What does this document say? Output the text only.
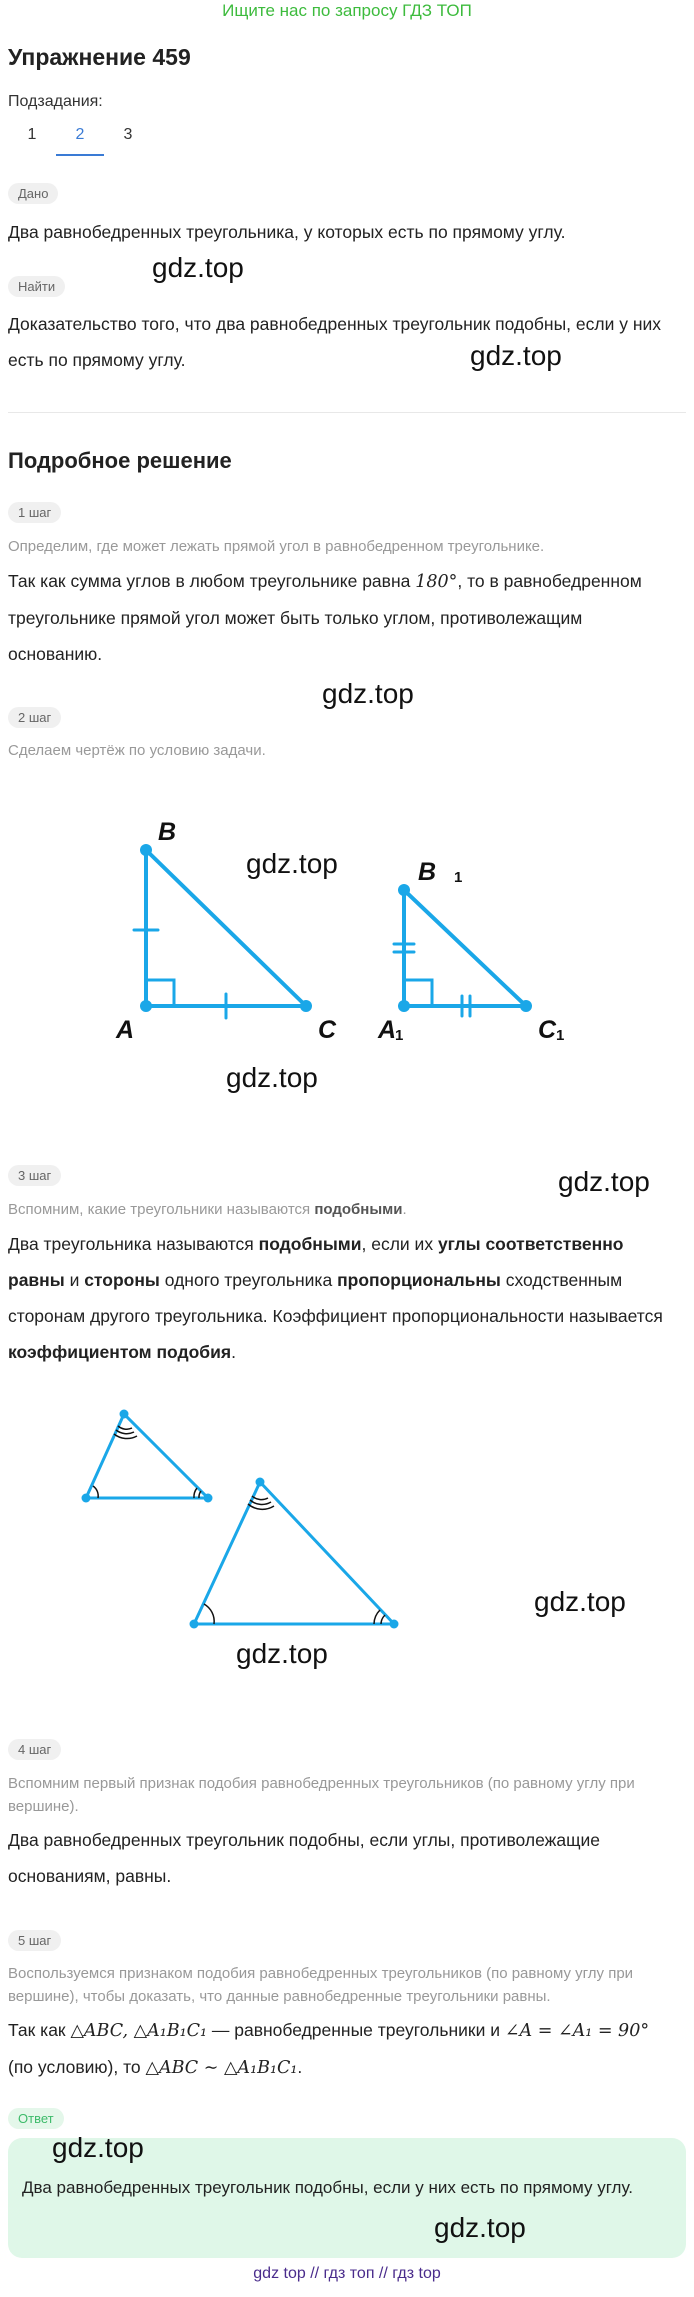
Ищите нас по запросу ГДЗ ТОП
Упражнение 459
Подзадания:
1	2	3
Дано
Два равнобедренных треугольника, у которых есть по прямому углу.
Найти
gdz.top
Доказательство того, что два равнобедренных треугольник подобны, если у них есть по прямому углу.	gdz.top
Подробное решение
1 шаг
Определим, где может лежать прямой угол в равнобедренном треугольнике.
Так как сумма углов в любом треугольнике равна 180°, то в равнобедренном треугольнике прямой угол может быть только углом, противолежащим основанию.
gdz.top
2 шаг
Сделаем чертёж по условию задачи.
B
A	C
B 1
A
1	C 1
gdz.top
gdz.top
3 шаг	gdz.top
Вспомним, какие треугольники называются подобными.
Два треугольника называются подобными, если их углы соответственно равны и стороны одного треугольника пропорциональны сходственным сторонам другого треугольника. Коэффициент пропорциональности называется коэффициентом подобия.
gdz.top
gdz.top
4 шаг
Вспомним первый признак подобия равнобедренных треугольников (по равному углу при вершине).
Два равнобедренных треугольник подобны, если углы, противолежащие основаниям, равны.
5 шаг
Воспользуемся признаком подобия равнобедренных треугольников (по равному углу при вершине), чтобы доказать, что данные равнобедренные треугольники равны.
Так как △ABC, △A₁B₁C₁ — равнобедренные треугольники и ∠A = ∠A₁ = 90° (по условию), то △ABC ∼ △A₁B₁C₁.
Ответ
gdz.top
Два равнобедренных треугольник подобны, если у них есть по прямому углу.
gdz.top
gdz top // гдз топ // гдз top
